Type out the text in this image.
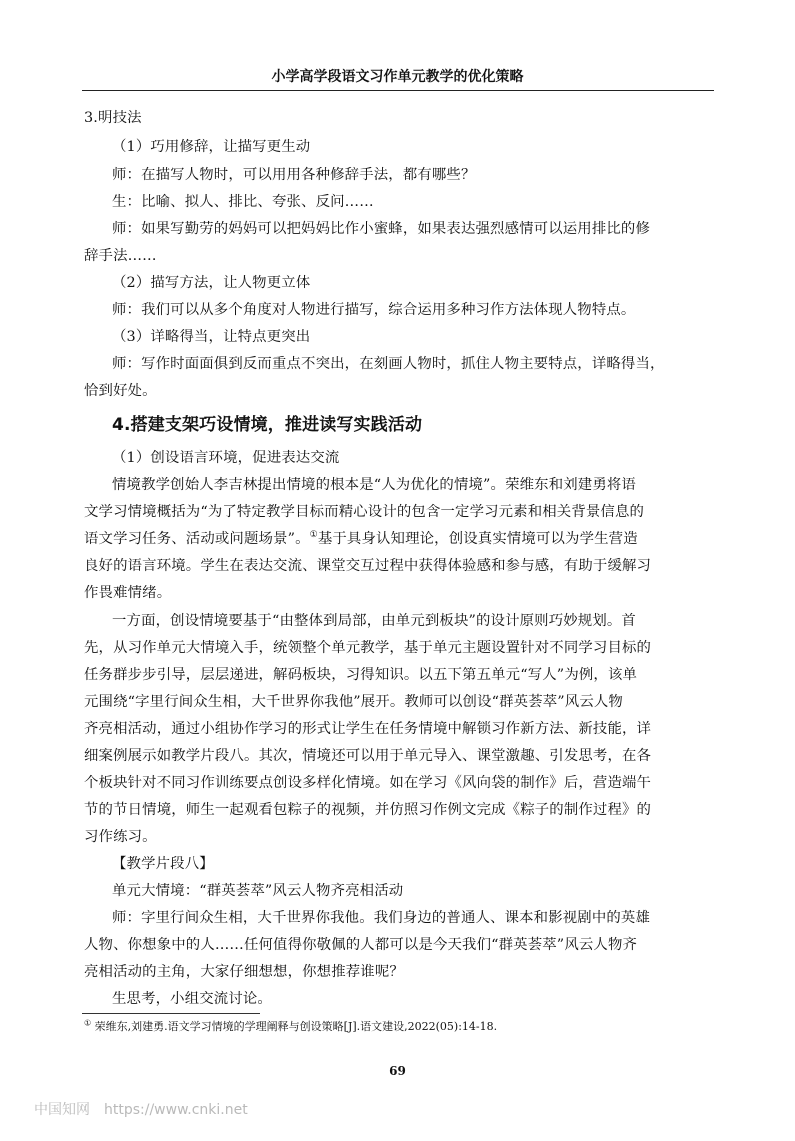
小学高学段语文习作单元教学的优化策略
3.明技法
（1）巧用修辞，让描写更生动
师：在描写人物时，可以用用各种修辞手法，都有哪些？
生：比喻、拟人、排比、夸张、反问……
师：如果写勤劳的妈妈可以把妈妈比作小蜜蜂，如果表达强烈感情可以运用排比的修
辞手法……
（2）描写方法，让人物更立体
师：我们可以从多个角度对人物进行描写，综合运用多种习作方法体现人物特点。
（3）详略得当，让特点更突出
师：写作时面面俱到反而重点不突出，在刻画人物时，抓住人物主要特点，详略得当，
恰到好处。
4.搭建支架巧设情境，推进读写实践活动
（1）创设语言环境，促进表达交流
情境教学创始人李吉林提出情境的根本是“人为优化的情境”。荣维东和刘建勇将语
文学习情境概括为“为了特定教学目标而精心设计的包含一定学习元素和相关背景信息的
语文学习任务、活动或问题场景”。①基于具身认知理论，创设真实情境可以为学生营造
良好的语言环境。学生在表达交流、课堂交互过程中获得体验感和参与感，有助于缓解习
作畏难情绪。
一方面，创设情境要基于“由整体到局部，由单元到板块”的设计原则巧妙规划。首
先，从习作单元大情境入手，统领整个单元教学，基于单元主题设置针对不同学习目标的
任务群步步引导，层层递进，解码板块，习得知识。以五下第五单元“写人”为例，该单
元围绕“字里行间众生相，大千世界你我他”展开。教师可以创设“群英荟萃”风云人物
齐亮相活动，通过小组协作学习的形式让学生在任务情境中解锁习作新方法、新技能，详
细案例展示如教学片段八。其次，情境还可以用于单元导入、课堂激趣、引发思考，在各
个板块针对不同习作训练要点创设多样化情境。如在学习《风向袋的制作》后，营造端午
节的节日情境，师生一起观看包粽子的视频，并仿照习作例文完成《粽子的制作过程》的
习作练习。
【教学片段八】
单元大情境：“群英荟萃”风云人物齐亮相活动
师：字里行间众生相，大千世界你我他。我们身边的普通人、课本和影视剧中的英雄
人物、你想象中的人……任何值得你敬佩的人都可以是今天我们“群英荟萃”风云人物齐
亮相活动的主角，大家仔细想想，你想推荐谁呢？
生思考，小组交流讨论。
① 荣维东,刘建勇.语文学习情境的学理阐释与创设策略[J].语文建设,2022(05):14-18.
69
中国知网　https://www.cnki.net
